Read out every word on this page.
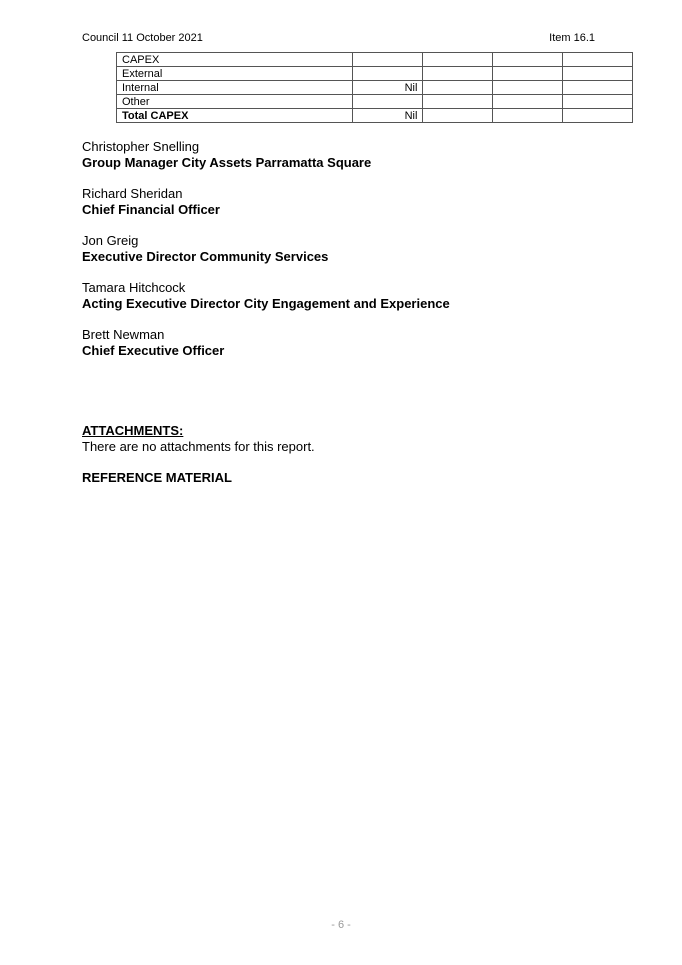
Council 11 October 2021	Item 16.1
CAPEX				
External				
Internal	Nil			
Other				
Total CAPEX	Nil			
Christopher Snelling
Group Manager City Assets Parramatta Square
Richard Sheridan
Chief Financial Officer
Jon Greig
Executive Director Community Services
Tamara Hitchcock
Acting Executive Director City Engagement and Experience
Brett Newman
Chief Executive Officer
ATTACHMENTS:
There are no attachments for this report.
REFERENCE MATERIAL
- 6 -
